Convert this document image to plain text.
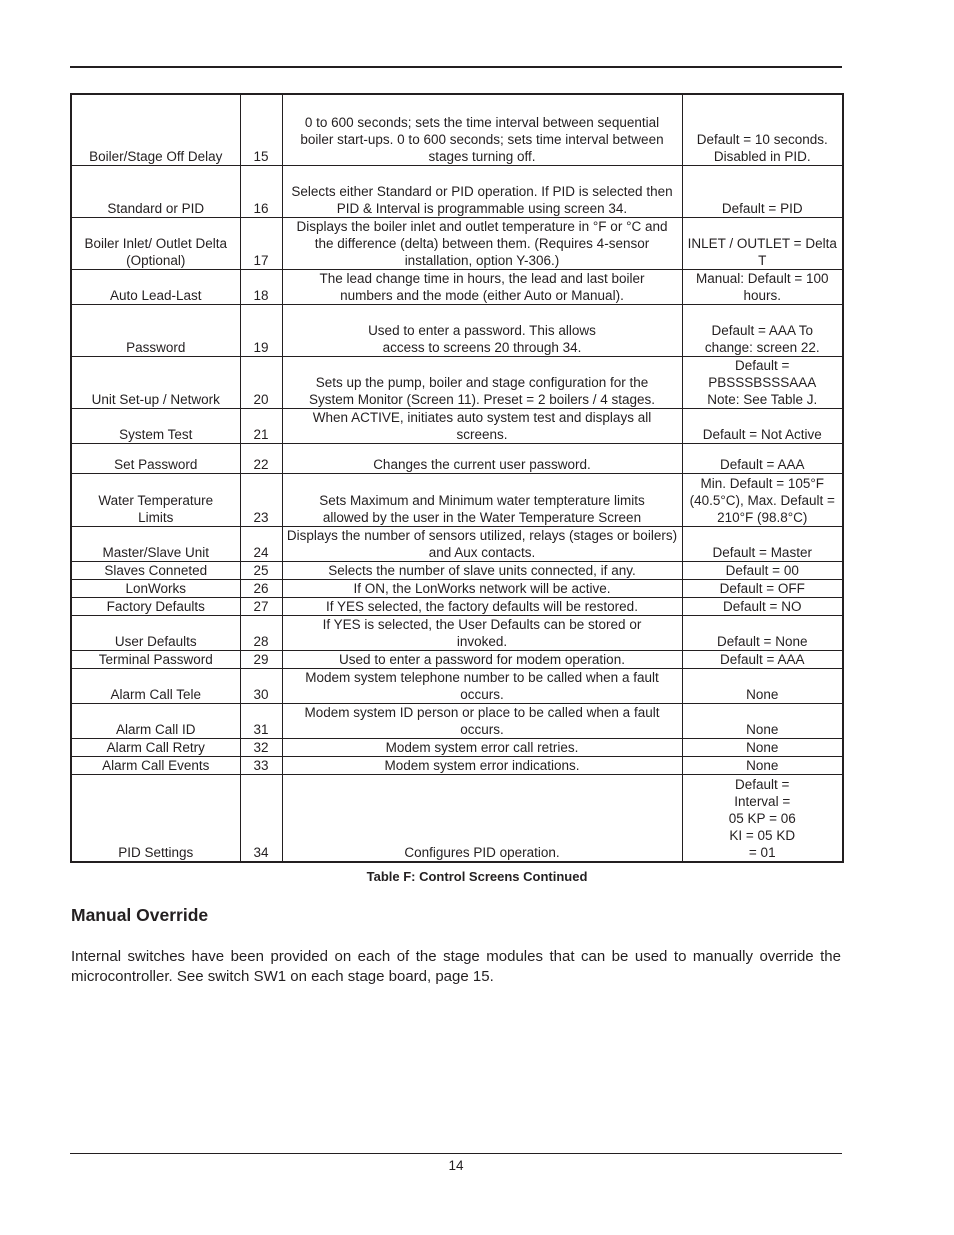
Boiler/Stage Off Delay	15	0 to 600 seconds; sets the time interval between sequential boiler start-ups. 0 to 600 seconds; sets time interval between stages turning off.	Default = 10 seconds. Disabled in PID.
Standard or PID	16	Selects either Standard or PID operation. If PID is selected then PID & Interval is programmable using screen 34.	Default = PID
Boiler Inlet/ Outlet Delta (Optional)	17	Displays the boiler inlet and outlet temperature in °F or °C and the difference (delta) between them. (Requires 4-sensor installation, option Y-306.)	INLET / OUTLET = Delta T
Auto Lead-Last	18	The lead change time in hours, the lead and last boiler numbers and the mode (either Auto or Manual).	Manual: Default = 100 hours.
Password	19	Used to enter a password. This allows access to screens 20 through 34.	Default = AAA To change: screen 22.
Unit Set-up / Network	20	Sets up the pump, boiler and stage configuration for the System Monitor (Screen 11). Preset = 2 boilers / 4 stages.	Default = PBSSSBSSSAAA Note: See Table J.
System Test	21	When ACTIVE, initiates auto system test and displays all screens.	Default = Not Active
Set Password	22	Changes the current user password.	Default = AAA
Water Temperature Limits	23	Sets Maximum and Minimum water tempterature limits allowed by the user in the Water Temperature Screen	Min. Default = 105°F (40.5°C), Max. Default = 210°F (98.8°C)
Master/Slave Unit	24	Displays the number of sensors utilized, relays (stages or boilers) and Aux contacts.	Default = Master
Slaves Conneted	25	Selects the number of slave units connected, if any.	Default = 00
LonWorks	26	If ON, the LonWorks network will be active.	Default = OFF
Factory Defaults	27	If YES selected, the factory defaults will be restored.	Default = NO
User Defaults	28	If YES is selected, the User Defaults can be stored or invoked.	Default = None
Terminal Password	29	Used to enter a password for modem operation.	Default = AAA
Alarm Call Tele	30	Modem system telephone number to be called when a fault occurs.	None
Alarm Call ID	31	Modem system ID person or place to be called when a fault occurs.	None
Alarm Call Retry	32	Modem system error call retries.	None
Alarm Call Events	33	Modem system error indications.	None
PID Settings	34	Configures PID operation.	Default = Interval = 05 KP = 06 KI = 05 KD = 01
Table F: Control Screens Continued
Manual Override

Internal switches have been provided on each of the stage modules that can be used to manually override the microcontroller. See switch SW1 on each stage board, page 15.

14
